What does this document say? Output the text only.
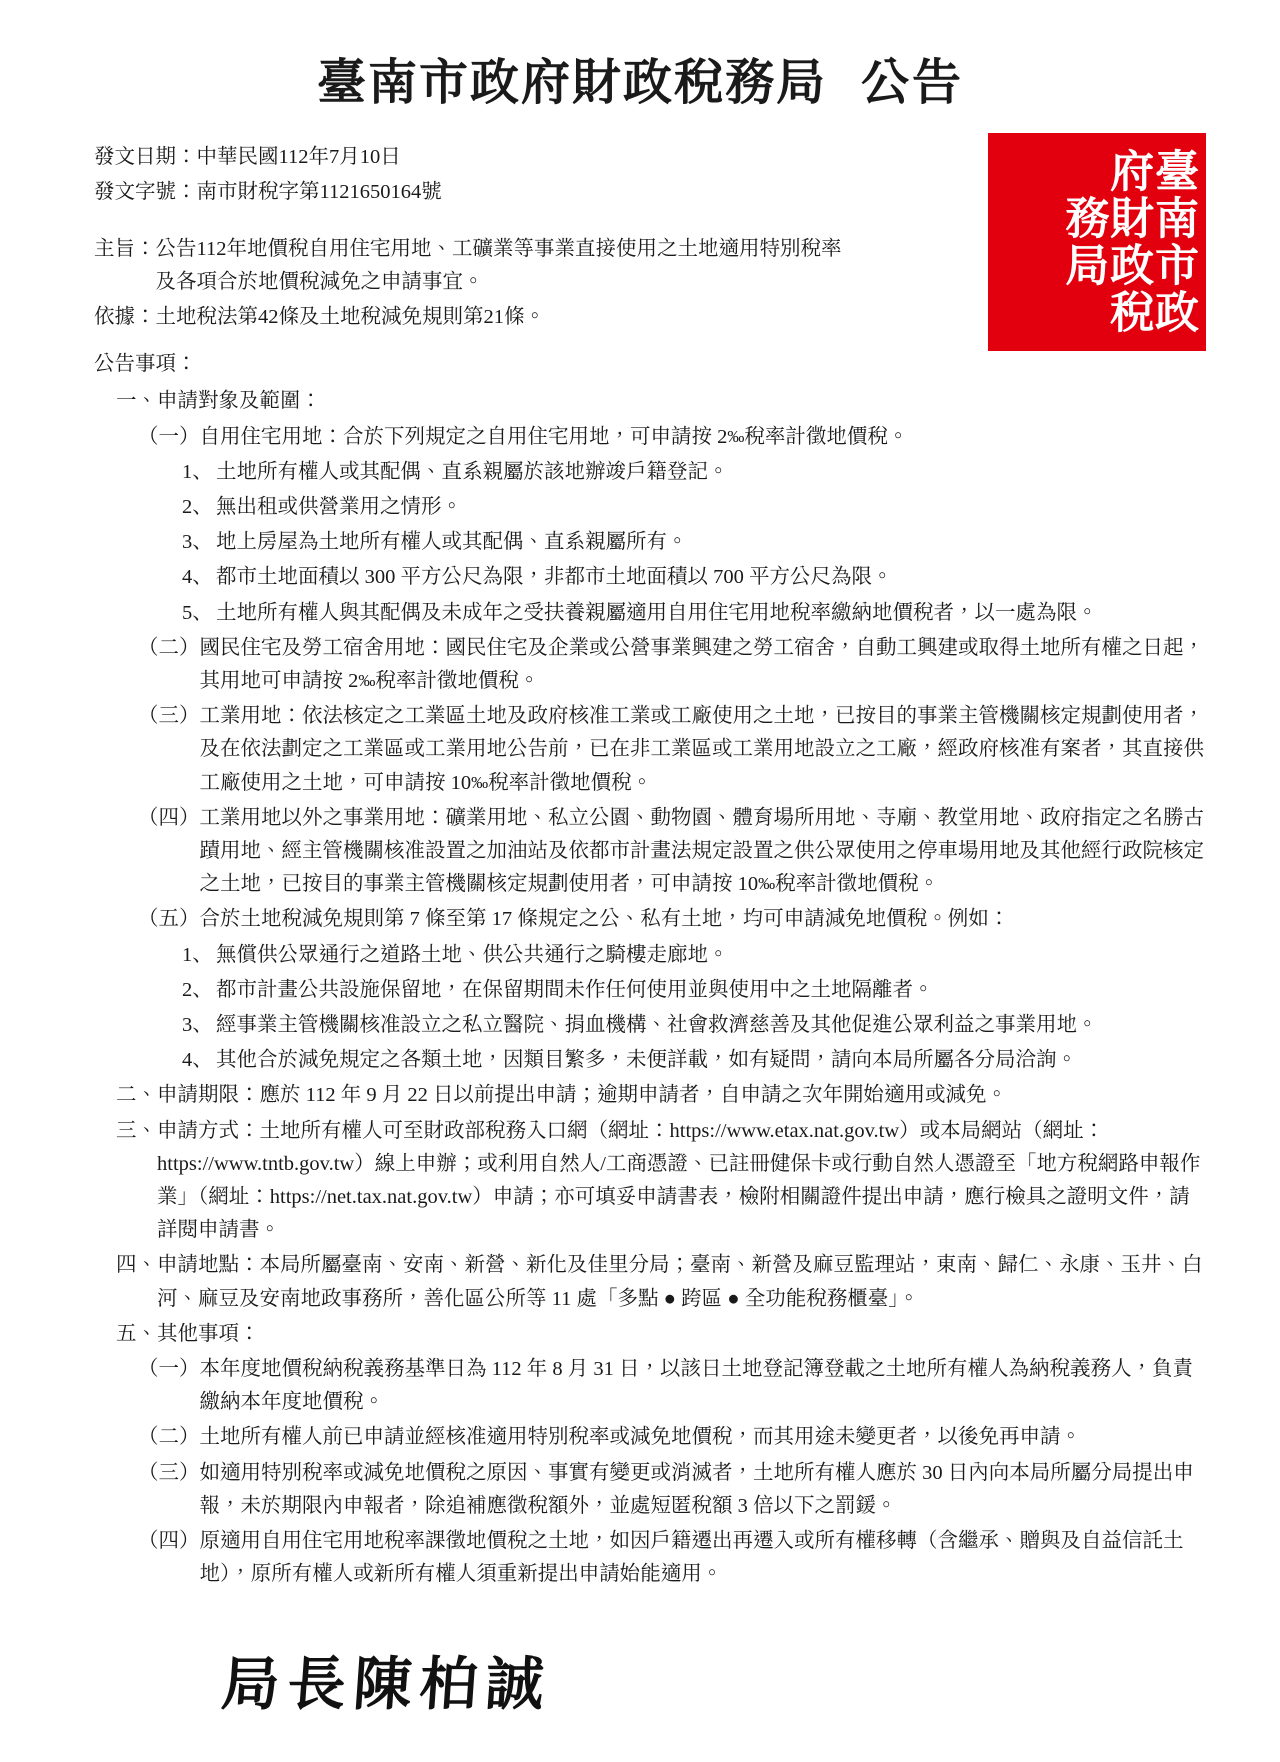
臺南市政府財政稅務局 公告
臺南市政府財政稅務局
發文日期：中華民國112年7月10日
發文字號：南市財稅字第1121650164號
主旨： 公告112年地價稅自用住宅用地、工礦業等事業直接使用之土地適用特別稅率
及各項合於地價稅減免之申請事宜。
依據： 土地稅法第42條及土地稅減免規則第21條。
公告事項：
一、 申請對象及範圍：
（一） 自用住宅用地：合於下列規定之自用住宅用地，可申請按 2‰稅率計徵地價稅。
1、 土地所有權人或其配偶、直系親屬於該地辦竣戶籍登記。
2、 無出租或供營業用之情形。
3、 地上房屋為土地所有權人或其配偶、直系親屬所有。
4、 都市土地面積以 300 平方公尺為限，非都市土地面積以 700 平方公尺為限。
5、 土地所有權人與其配偶及未成年之受扶養親屬適用自用住宅用地稅率繳納地價稅者，以一處為限。
（二） 國民住宅及勞工宿舍用地：國民住宅及企業或公營事業興建之勞工宿舍，自動工興建或取得土地所有權之日起，其用地可申請按 2‰稅率計徵地價稅。
（三） 工業用地：依法核定之工業區土地及政府核准工業或工廠使用之土地，已按目的事業主管機關核定規劃使用者，及在依法劃定之工業區或工業用地公告前，已在非工業區或工業用地設立之工廠，經政府核准有案者，其直接供工廠使用之土地，可申請按 10‰稅率計徵地價稅。
（四） 工業用地以外之事業用地：礦業用地、私立公園、動物園、體育場所用地、寺廟、教堂用地、政府指定之名勝古蹟用地、經主管機關核准設置之加油站及依都市計畫法規定設置之供公眾使用之停車場用地及其他經行政院核定之土地，已按目的事業主管機關核定規劃使用者，可申請按 10‰稅率計徵地價稅。
（五） 合於土地稅減免規則第 7 條至第 17 條規定之公、私有土地，均可申請減免地價稅。例如：
1、 無償供公眾通行之道路土地、供公共通行之騎樓走廊地。
2、 都市計畫公共設施保留地，在保留期間未作任何使用並與使用中之土地隔離者。
3、 經事業主管機關核准設立之私立醫院、捐血機構、社會救濟慈善及其他促進公眾利益之事業用地。
4、 其他合於減免規定之各類土地，因類目繁多，未便詳載，如有疑問，請向本局所屬各分局洽詢。
二、 申請期限：應於 112 年 9 月 22 日以前提出申請；逾期申請者，自申請之次年開始適用或減免。
三、 申請方式：土地所有權人可至財政部稅務入口網（網址：https://www.etax.nat.gov.tw）或本局網站（網址：https://www.tntb.gov.tw）線上申辦；或利用自然人/工商憑證、已註冊健保卡或行動自然人憑證至「地方稅網路申報作業」（網址：https://net.tax.nat.gov.tw）申請；亦可填妥申請書表，檢附相關證件提出申請，應行檢具之證明文件，請詳閱申請書。
四、 申請地點：本局所屬臺南、安南、新營、新化及佳里分局；臺南、新營及麻豆監理站，東南、歸仁、永康、玉井、白河、麻豆及安南地政事務所，善化區公所等 11 處「多點 ● 跨區 ● 全功能稅務櫃臺」。
五、 其他事項：
（一） 本年度地價稅納稅義務基準日為 112 年 8 月 31 日，以該日土地登記簿登載之土地所有權人為納稅義務人，負責繳納本年度地價稅。
（二） 土地所有權人前已申請並經核准適用特別稅率或減免地價稅，而其用途未變更者，以後免再申請。
（三） 如適用特別稅率或減免地價稅之原因、事實有變更或消滅者，土地所有權人應於 30 日內向本局所屬分局提出申報，未於期限內申報者，除追補應徵稅額外，並處短匿稅額 3 倍以下之罰鍰。
（四） 原適用自用住宅用地稅率課徵地價稅之土地，如因戶籍遷出再遷入或所有權移轉（含繼承、贈與及自益信託土地），原所有權人或新所有權人須重新提出申請始能適用。
局長陳柏誠
